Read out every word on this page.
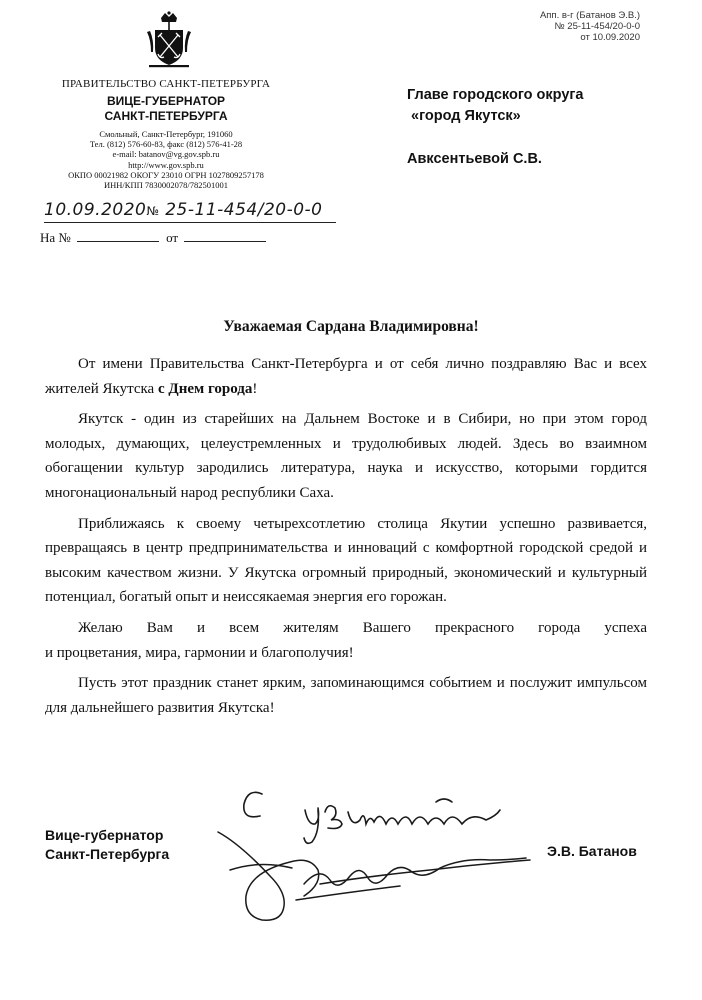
Апп. в-г (Батанов Э.В.)
№ 25-11-454/20-0-0
от 10.09.2020
ПРАВИТЕЛЬСТВО САНКТ-ПЕТЕРБУРГА
ВИЦЕ-ГУБЕРНАТОР
САНКТ-ПЕТЕРБУРГА
Смольный, Санкт-Петербург, 191060
Тел. (812) 576-60-83, факс (812) 576-41-28
e-mail: batanov@vg.gov.spb.ru
http://www.gov.spb.ru
ОКПО 00021982 ОКОГУ 23010 ОГРН 1027809257178
ИНН/КПП 7830002078/782501001
10.09.2020№ 25-11-454/20-0-0
На №	от
Главе городского округа
«город Якутск»
Авксентьевой С.В.
Уважаемая Сардана Владимировна!

От имени Правительства Санкт-Петербурга и от себя лично поздравляю Вас и всех жителей Якутска с Днем города!

Якутск - один из старейших на Дальнем Востоке и в Сибири, но при этом город молодых, думающих, целеустремленных и трудолюбивых людей. Здесь во взаимном обогащении культур зародились литература, наука и искусство, которыми гордится многонациональный народ республики Саха.

Приближаясь к своему четырехсотлетию столица Якутии успешно развивается, превращаясь в центр предпринимательства и инноваций с комфортной городской средой и высоким качеством жизни. У Якутска огромный природный, экономический и культурный потенциал, богатый опыт и неиссякаемая энергия его горожан.

Желаю Вам и всем жителям Вашего прекрасного города успеха

и процветания, мира, гармонии и благополучия!

Пусть этот праздник станет ярким, запоминающимся событием и послужит импульсом для дальнейшего развития Якутска!

Вице-губернатор
Санкт-Петербурга	Э.В. Батанов
